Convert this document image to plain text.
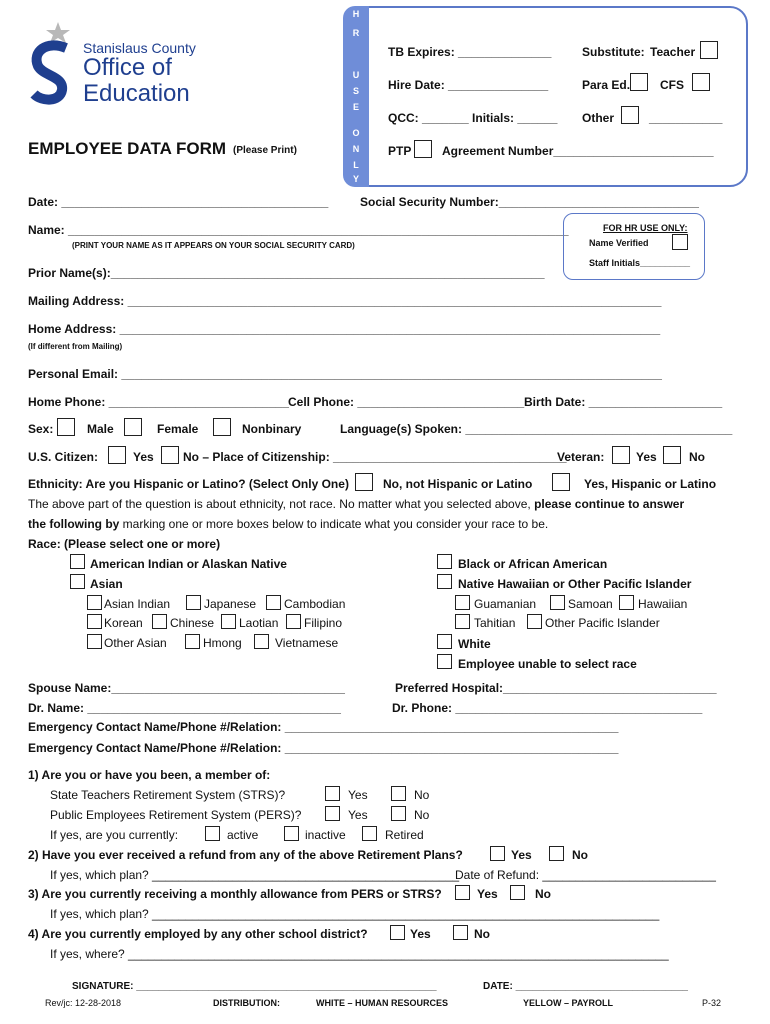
Stanislaus County
Office of
Education
H
R
U
S
E
O
N
L
Y
TB Expires: ______________	Substitute: Teacher
Hire Date: _______________	Para Ed. CFS
QCC: _______ Initials: ______ Other	___________
PTP	Agreement Number________________________
EMPLOYEE DATA FORM (Please Print)
Date: ________________________________________	Social Security Number:______________________________
Name: ___________________________________________________________________________
(PRINT YOUR NAME AS IT APPEARS ON YOUR SOCIAL SECURITY CARD)
FOR HR USE ONLY:
Name Verified
Staff Initials__________
Prior Name(s):_________________________________________________________________
Mailing Address: ________________________________________________________________________________
Home Address: _________________________________________________________________________________
(If different from Mailing)
Personal Email: _________________________________________________________________________________
Home Phone: ___________________________ Cell Phone: _________________________ Birth Date: ____________________
Sex:	Male	Female	Nonbinary	Language(s) Spoken: ________________________________________
U.S. Citizen:	Yes No – Place of Citizenship: ___________________________________
Veteran:	Yes	No
Ethnicity: Are you Hispanic or Latino? (Select Only One)	No, not Hispanic or Latino	Yes, Hispanic or Latino
The above part of the question is about ethnicity, not race. No matter what you selected above, please continue to answer
the following by marking one or more boxes below to indicate what you consider your race to be.
Race: (Please select one or more)
American Indian or Alaskan Native
Asian
Asian Indian	Japanese Cambodian
Korean Chinese Laotian Filipino
Other Asian	Hmong	Vietnamese
Black or African American
Native Hawaiian or Other Pacific Islander
Guamanian	Samoan Hawaiian
Tahitian Other Pacific Islander
White
Employee unable to select race
Spouse Name:___________________________________	Preferred Hospital:________________________________
Dr. Name: ______________________________________	Dr. Phone: _____________________________________
Emergency Contact Name/Phone #/Relation: __________________________________________________
Emergency Contact Name/Phone #/Relation: __________________________________________________
1) Are you or have you been, a member of:
State Teachers Retirement System (STRS)?	Yes	No
Public Employees Retirement System (PERS)?	Yes	No
If yes, are you currently:	active	inactive	Retired
2) Have you ever received a refund from any of the above Retirement Plans?	Yes	No
If yes, which plan? ______________________________________________
Date of Refund: __________________________
3) Are you currently receiving a monthly allowance from PERS or STRS?	Yes	No
If yes, which plan? ____________________________________________________________________________
4) Are you currently employed by any other school district?	Yes	No
If yes, where? _________________________________________________________________________________
SIGNATURE: ______________________________________________________	DATE: _______________________________
Rev/jc: 12-28-2018	DISTRIBUTION:	WHITE – HUMAN RESOURCES	YELLOW – PAYROLL	P-32
